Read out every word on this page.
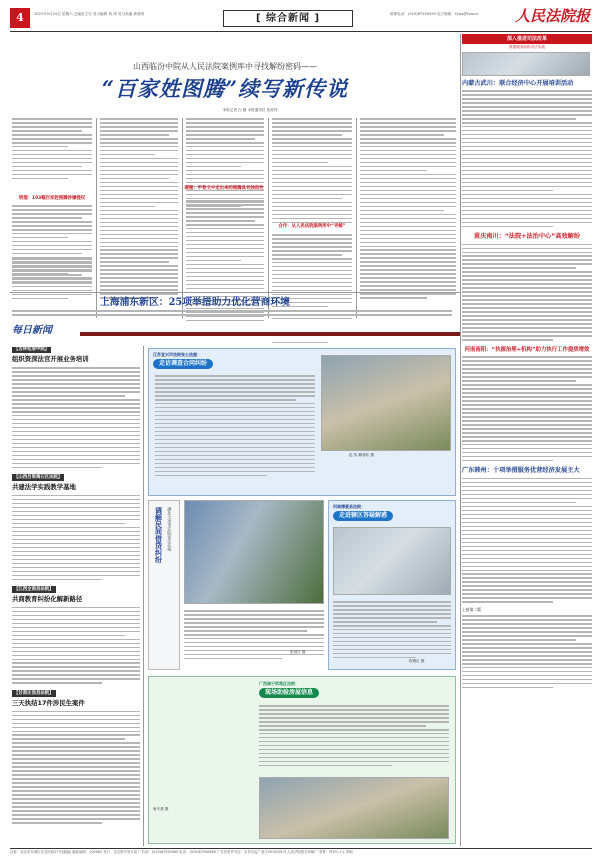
4	2021年5月24日 星期六 总编室主办 见习编辑 杨 鸿 见习美编 新璧萱	[ 综合新闻 ]	联系电话：(010)67550599 电子邮箱：fywx@fyw.cn 人民法院报
山西临汾中院从人民法院案例库中寻找解纷密码——
“百家姓图腾”续写新传说
本报记者 白 婕 本报通讯员 张波仲
明理：103幅百家姓图腾涉嫌侵权
硬题：甲骨文中走出来的图腾具有独创性
合作：从人民法院案例库中“寻解”
上海浦东新区：25项举措助力优化营商环境
深入推进司法改革
数据服务助推司法实践
内蒙古武川：联合经济中心开展培训活动
重庆南川：“法院+法治中心”高效解纷
河南南阳：“执源治理+机构”助力执行工作提质增效
广东韩州：十项举措服务优营经济发展主大
上接第二版
每日新闻
【吉林松原中院】
组织资深法官开展业务培训
【山西吕梁离石区法院】
共建法学实践教学基地
【江西全南县法院】
共商教育纠纷化解新路径
【甘肃庄浪县法院】
三天执结17件涉民生案件
江苏宜兴市法院张公法庭：
走访调查合同纠纷
赵 伟 戴寒松 摄
调解民间借贷纠纷 湖北大冶市法院张庄法庭
张国庆 摄
河南博爱县法院：
走进辖区答疑解惑
程俊红 摄
广西南宁武鸣区法院：
现场助验房屋信息
唐冬燕 摄
社址：北京市东城区东交民巷27号(邮编) 邮政编码：100062 发行：北京报刊发行局 广告部：(010)67550565 电话：(010)67550856 广告经营许可证：京东市监广登字2019001号 人民法院报社印刷厂 零售：每份1.1元 印刷
